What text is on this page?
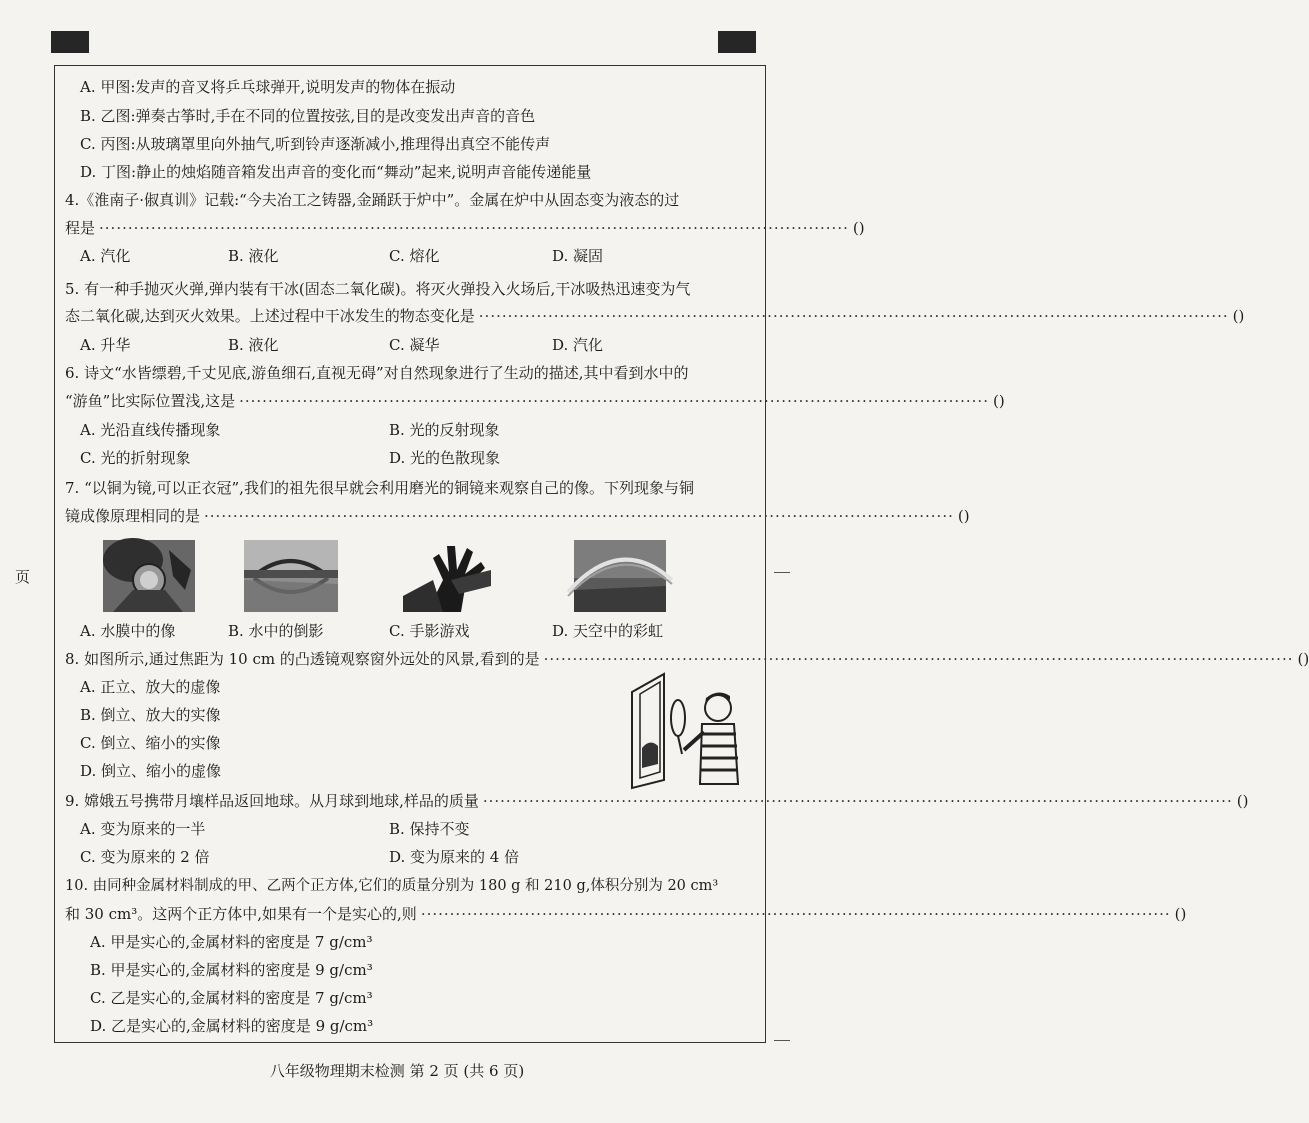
页
A. 甲图:发声的音叉将乒乓球弹开,说明发声的物体在振动
B. 乙图:弹奏古筝时,手在不同的位置按弦,目的是改变发出声音的音色
C. 丙图:从玻璃罩里向外抽气,听到铃声逐渐减小,推理得出真空不能传声
D. 丁图:静止的烛焰随音箱发出声音的变化而“舞动”起来,说明声音能传递能量
4.《淮南子·俶真训》记载:“今夫冶工之铸器,金踊跃于炉中”。金属在炉中从固态变为液态的过
程是 ·································································································································· ( )
A. 汽化	B. 液化	C. 熔化	D. 凝固
5. 有一种手抛灭火弹,弹内装有干冰(固态二氧化碳)。将灭火弹投入火场后,干冰吸热迅速变为气
态二氧化碳,达到灭火效果。上述过程中干冰发生的物态变化是 ·································································································································· ( )
A. 升华	B. 液化	C. 凝华	D. 汽化
6. 诗文“水皆缥碧,千丈见底,游鱼细石,直视无碍”对自然现象进行了生动的描述,其中看到水中的
“游鱼”比实际位置浅,这是 ·································································································································· ( )
A. 光沿直线传播现象	B. 光的反射现象
C. 光的折射现象	D. 光的色散现象
7. “以铜为镜,可以正衣冠”,我们的祖先很早就会利用磨光的铜镜来观察自己的像。下列现象与铜
镜成像原理相同的是 ·································································································································· ( )
A. 水膜中的像	B. 水中的倒影	C. 手影游戏	D. 天空中的彩虹
8. 如图所示,通过焦距为 10 cm 的凸透镜观察窗外远处的风景,看到的是 ·································································································································· ( )
A. 正立、放大的虚像
B. 倒立、放大的实像
C. 倒立、缩小的实像
D. 倒立、缩小的虚像
9. 嫦娥五号携带月壤样品返回地球。从月球到地球,样品的质量 ·································································································································· ( )
A. 变为原来的一半	B. 保持不变
C. 变为原来的 2 倍	D. 变为原来的 4 倍
10. 由同种金属材料制成的甲、乙两个正方体,它们的质量分别为 180 g 和 210 g,体积分别为 20 cm³
和 30 cm³。这两个正方体中,如果有一个是实心的,则 ·································································································································· ( )
A. 甲是实心的,金属材料的密度是 7 g/cm³
B. 甲是实心的,金属材料的密度是 9 g/cm³
C. 乙是实心的,金属材料的密度是 7 g/cm³
D. 乙是实心的,金属材料的密度是 9 g/cm³
八年级物理期末检测 第 2 页 (共 6 页)
